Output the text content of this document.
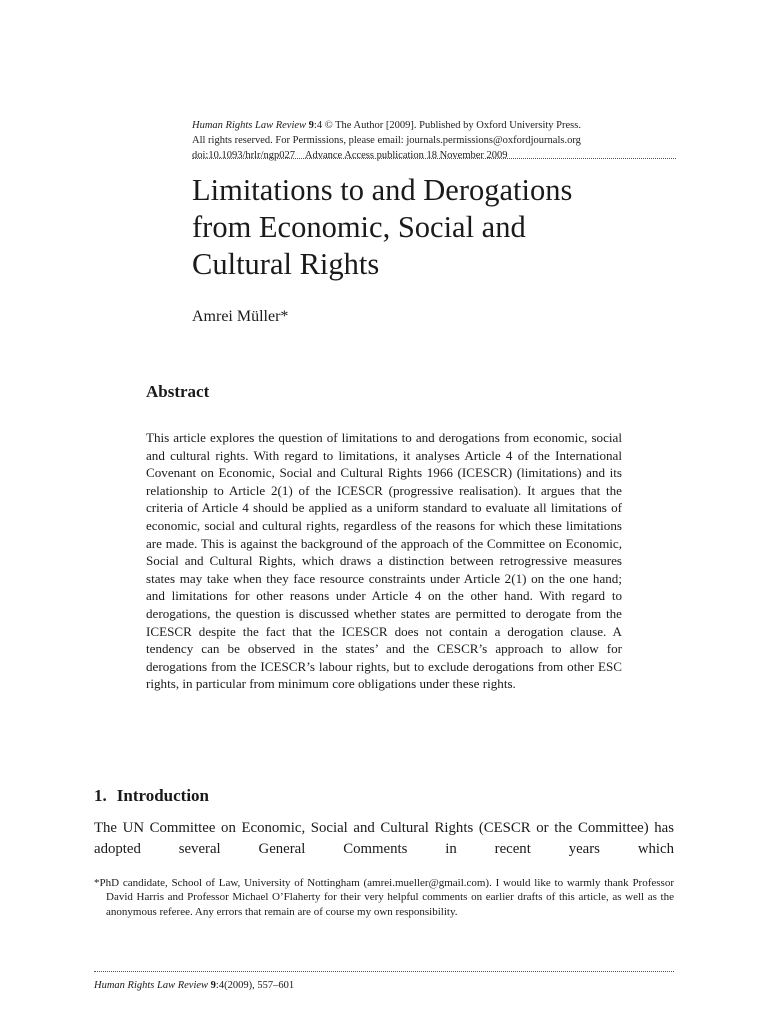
Human Rights Law Review 9:4 © The Author [2009]. Published by Oxford University Press.
All rights reserved. For Permissions, please email: journals.permissions@oxfordjournals.org
doi:10.1093/hrlr/ngp027    Advance Access publication 18 November 2009
Limitations to and Derogations
from Economic, Social and
Cultural Rights
Amrei Müller*
Abstract

This article explores the question of limitations to and derogations from economic, social and cultural rights. With regard to limitations, it analyses Article 4 of the International Covenant on Economic, Social and Cultural Rights 1966 (ICESCR) (limitations) and its relationship to Article 2(1) of the ICESCR (progressive realisation). It argues that the criteria of Article 4 should be applied as a uniform standard to evaluate all limitations of economic, social and cultural rights, regardless of the reasons for which these limitations are made. This is against the background of the approach of the Committee on Economic, Social and Cultural Rights, which draws a distinction between retrogressive measures states may take when they face resource constraints under Article 2(1) on the one hand; and limitations for other reasons under Article 4 on the other hand. With regard to derogations, the question is discussed whether states are permitted to derogate from the ICESCR despite the fact that the ICESCR does not contain a derogation clause. A tendency can be observed in the states’ and the CESCR’s approach to allow for derogations from the ICESCR’s labour rights, but to exclude derogations from other ESC rights, in particular from minimum core obligations under these rights.

1. Introduction

The UN Committee on Economic, Social and Cultural Rights (CESCR or the Committee) has adopted several General Comments in recent years which

*PhD candidate, School of Law, University of Nottingham (amrei.mueller@gmail.com). I would like to warmly thank Professor David Harris and Professor Michael O’Flaherty for their very helpful comments on earlier drafts of this article, as well as the anonymous referee. Any errors that remain are of course my own responsibility.

Human Rights Law Review 9:4(2009), 557–601
